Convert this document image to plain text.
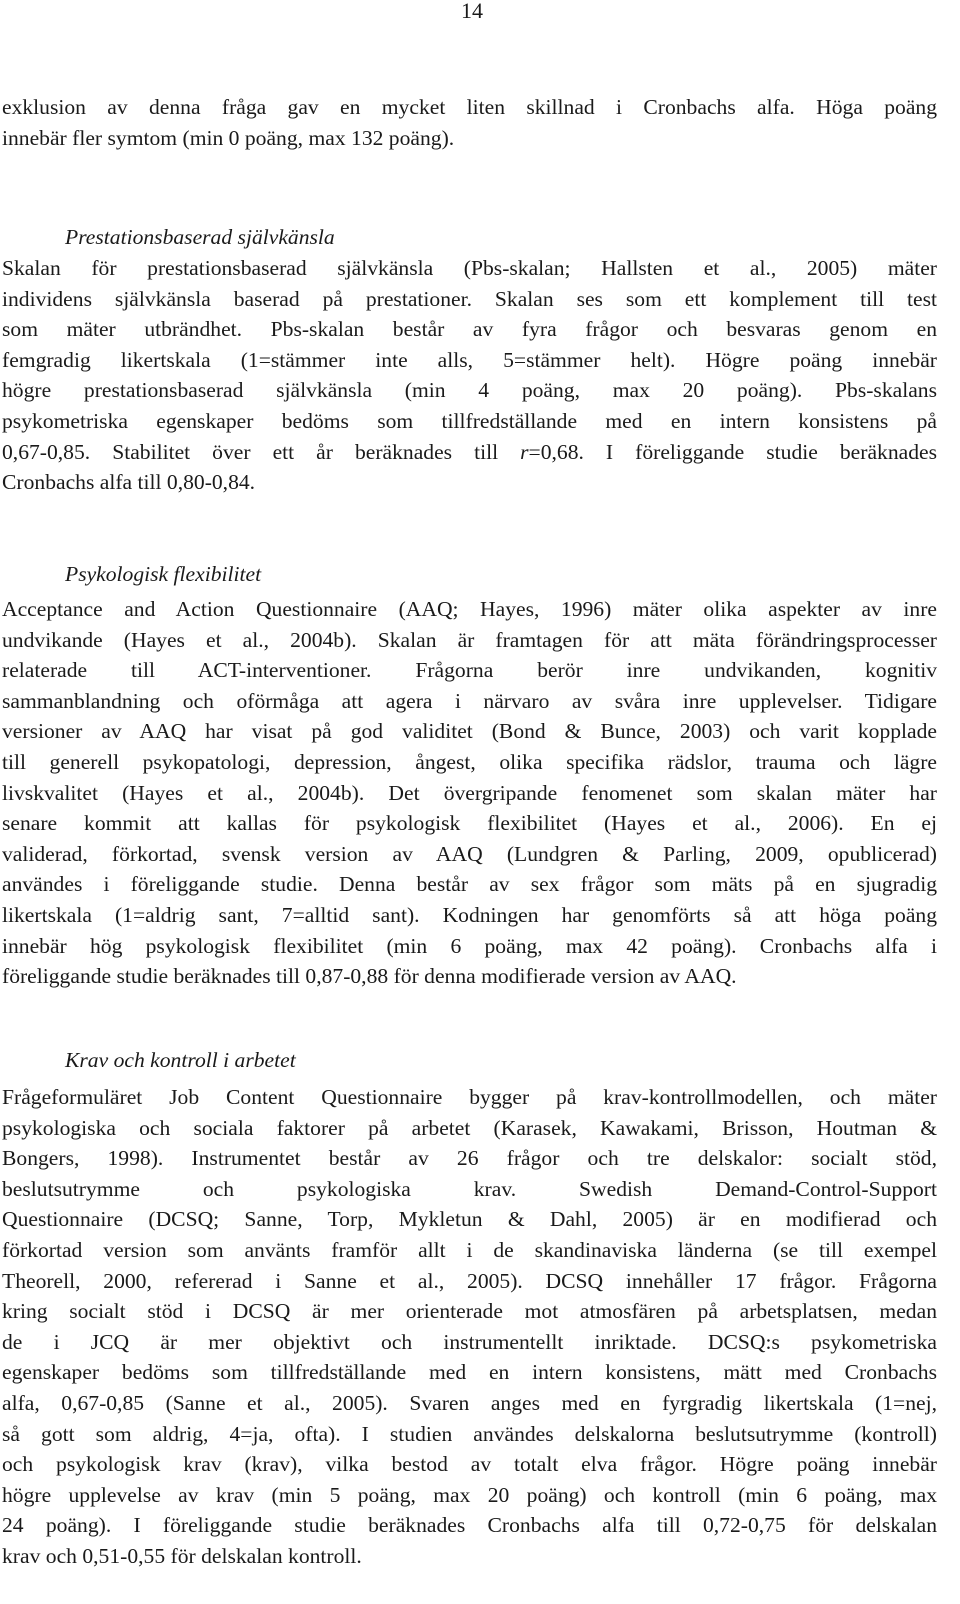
14
exklusion av denna fråga gav en mycket liten skillnad i Cronbachs alfa. Höga poäng
innebär fler symtom (min 0 poäng, max 132 poäng).
Prestationsbaserad självkänsla
Skalan för prestationsbaserad självkänsla (Pbs-skalan; Hallsten et al., 2005) mäter
individens självkänsla baserad på prestationer. Skalan ses som ett komplement till test
som mäter utbrändhet. Pbs-skalan består av fyra frågor och besvaras genom en
femgradig likertskala (1=stämmer inte alls, 5=stämmer helt). Högre poäng innebär
högre prestationsbaserad självkänsla (min 4 poäng, max 20 poäng). Pbs-skalans
psykometriska egenskaper bedöms som tillfredställande med en intern konsistens på
0,67-0,85. Stabilitet över ett år beräknades till r=0,68. I föreliggande studie beräknades
Cronbachs alfa till 0,80-0,84.
Psykologisk flexibilitet
Acceptance and Action Questionnaire (AAQ; Hayes, 1996) mäter olika aspekter av inre
undvikande (Hayes et al., 2004b). Skalan är framtagen för att mäta förändringsprocesser
relaterade till ACT-interventioner. Frågorna berör inre undvikanden, kognitiv
sammanblandning och oförmåga att agera i närvaro av svåra inre upplevelser. Tidigare
versioner av AAQ har visat på god validitet (Bond & Bunce, 2003) och varit kopplade
till generell psykopatologi, depression, ångest, olika specifika rädslor, trauma och lägre
livskvalitet (Hayes et al., 2004b). Det övergripande fenomenet som skalan mäter har
senare kommit att kallas för psykologisk flexibilitet (Hayes et al., 2006). En ej
validerad, förkortad, svensk version av AAQ (Lundgren & Parling, 2009, opublicerad)
användes i föreliggande studie. Denna består av sex frågor som mäts på en sjugradig
likertskala (1=aldrig sant, 7=alltid sant). Kodningen har genomförts så att höga poäng
innebär hög psykologisk flexibilitet (min 6 poäng, max 42 poäng). Cronbachs alfa i
föreliggande studie beräknades till 0,87-0,88 för denna modifierade version av AAQ.
Krav och kontroll i arbetet
Frågeformuläret Job Content Questionnaire bygger på krav-kontrollmodellen, och mäter
psykologiska och sociala faktorer på arbetet (Karasek, Kawakami, Brisson, Houtman &
Bongers, 1998). Instrumentet består av 26 frågor och tre delskalor: socialt stöd,
beslutsutrymme och psykologiska krav. Swedish Demand-Control-Support
Questionnaire (DCSQ; Sanne, Torp, Mykletun & Dahl, 2005) är en modifierad och
förkortad version som använts framför allt i de skandinaviska länderna (se till exempel
Theorell, 2000, refererad i Sanne et al., 2005). DCSQ innehåller 17 frågor. Frågorna
kring socialt stöd i DCSQ är mer orienterade mot atmosfären på arbetsplatsen, medan
de i JCQ är mer objektivt och instrumentellt inriktade. DCSQ:s psykometriska
egenskaper bedöms som tillfredställande med en intern konsistens, mätt med Cronbachs
alfa, 0,67-0,85 (Sanne et al., 2005). Svaren anges med en fyrgradig likertskala (1=nej,
så gott som aldrig, 4=ja, ofta). I studien användes delskalorna beslutsutrymme (kontroll)
och psykologisk krav (krav), vilka bestod av totalt elva frågor. Högre poäng innebär
högre upplevelse av krav (min 5 poäng, max 20 poäng) och kontroll (min 6 poäng, max
24 poäng). I föreliggande studie beräknades Cronbachs alfa till 0,72-0,75 för delskalan
krav och 0,51-0,55 för delskalan kontroll.
